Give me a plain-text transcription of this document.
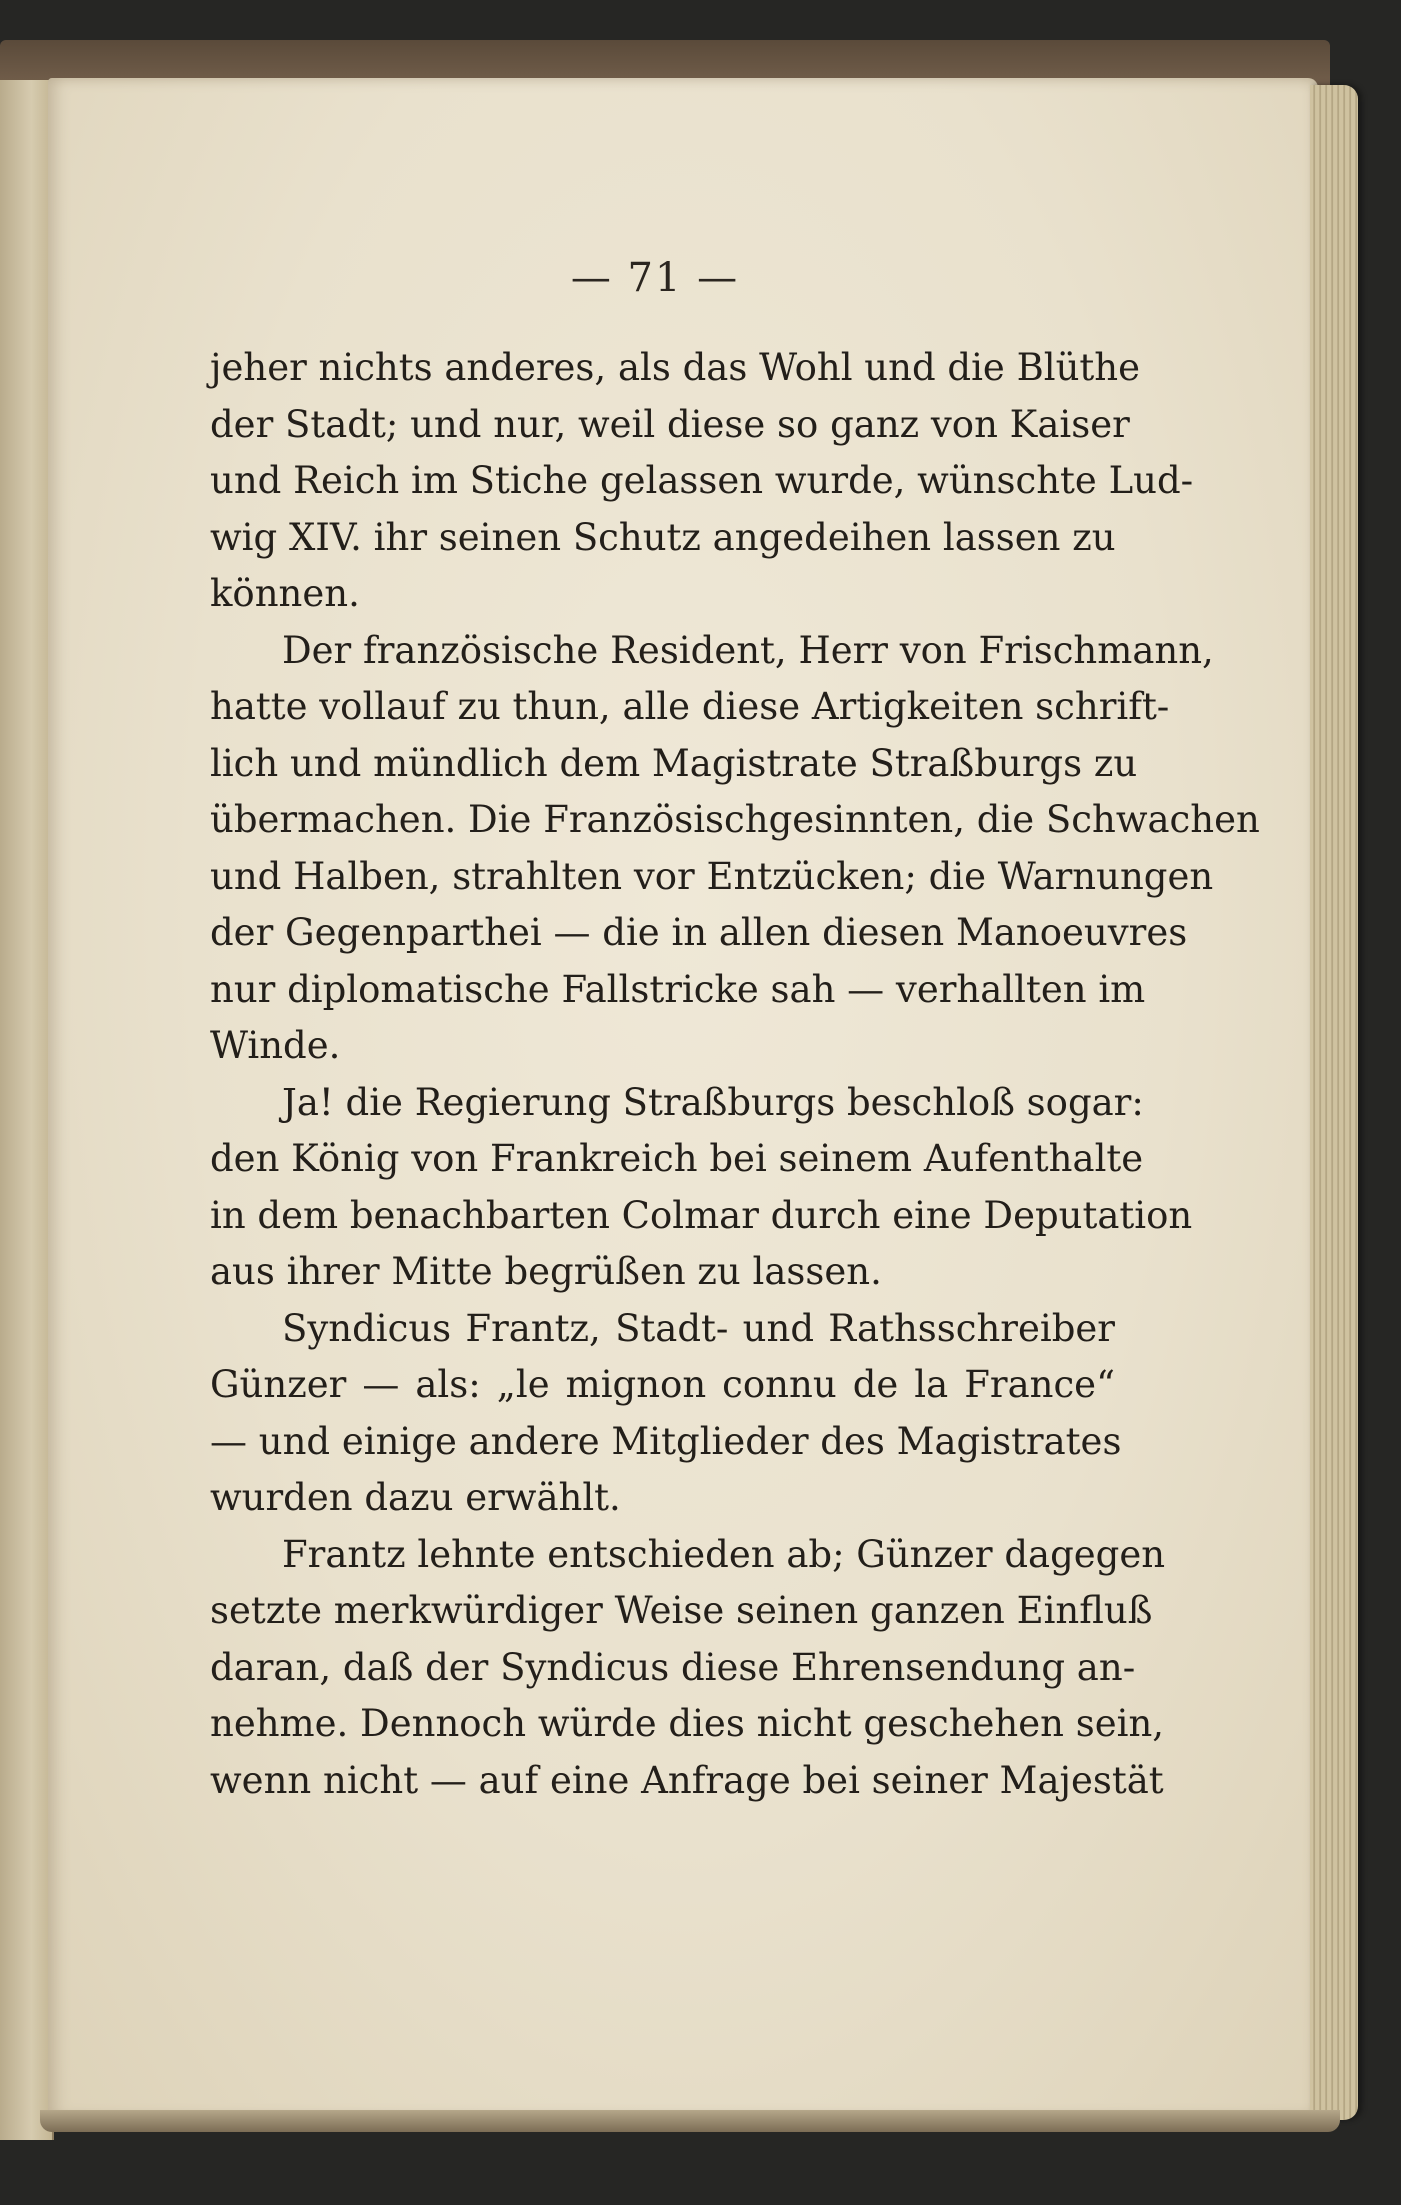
— 71 —
jeher nichts anderes, als das Wohl und die Blüthe
der Stadt; und nur, weil diese so ganz von Kaiser
und Reich im Stiche gelassen wurde, wünschte Lud-
wig XIV. ihr seinen Schutz angedeihen lassen zu
können.
Der französische Resident, Herr von Frischmann,
hatte vollauf zu thun, alle diese Artigkeiten schrift-
lich und mündlich dem Magistrate Straßburgs zu
übermachen. Die Französischgesinnten, die Schwachen
und Halben, strahlten vor Entzücken; die Warnungen
der Gegenparthei — die in allen diesen Manoeuvres
nur diplomatische Fallstricke sah — verhallten im
Winde.
Ja! die Regierung Straßburgs beschloß sogar:
den König von Frankreich bei seinem Aufenthalte
in dem benachbarten Colmar durch eine Deputation
aus ihrer Mitte begrüßen zu lassen.
Syndicus Frantz, Stadt- und Rathsschreiber
Günzer — als: „le mignon connu de la France“
— und einige andere Mitglieder des Magistrates
wurden dazu erwählt.
Frantz lehnte entschieden ab; Günzer dagegen
setzte merkwürdiger Weise seinen ganzen Einfluß
daran, daß der Syndicus diese Ehrensendung an-
nehme. Dennoch würde dies nicht geschehen sein,
wenn nicht — auf eine Anfrage bei seiner Majestät
